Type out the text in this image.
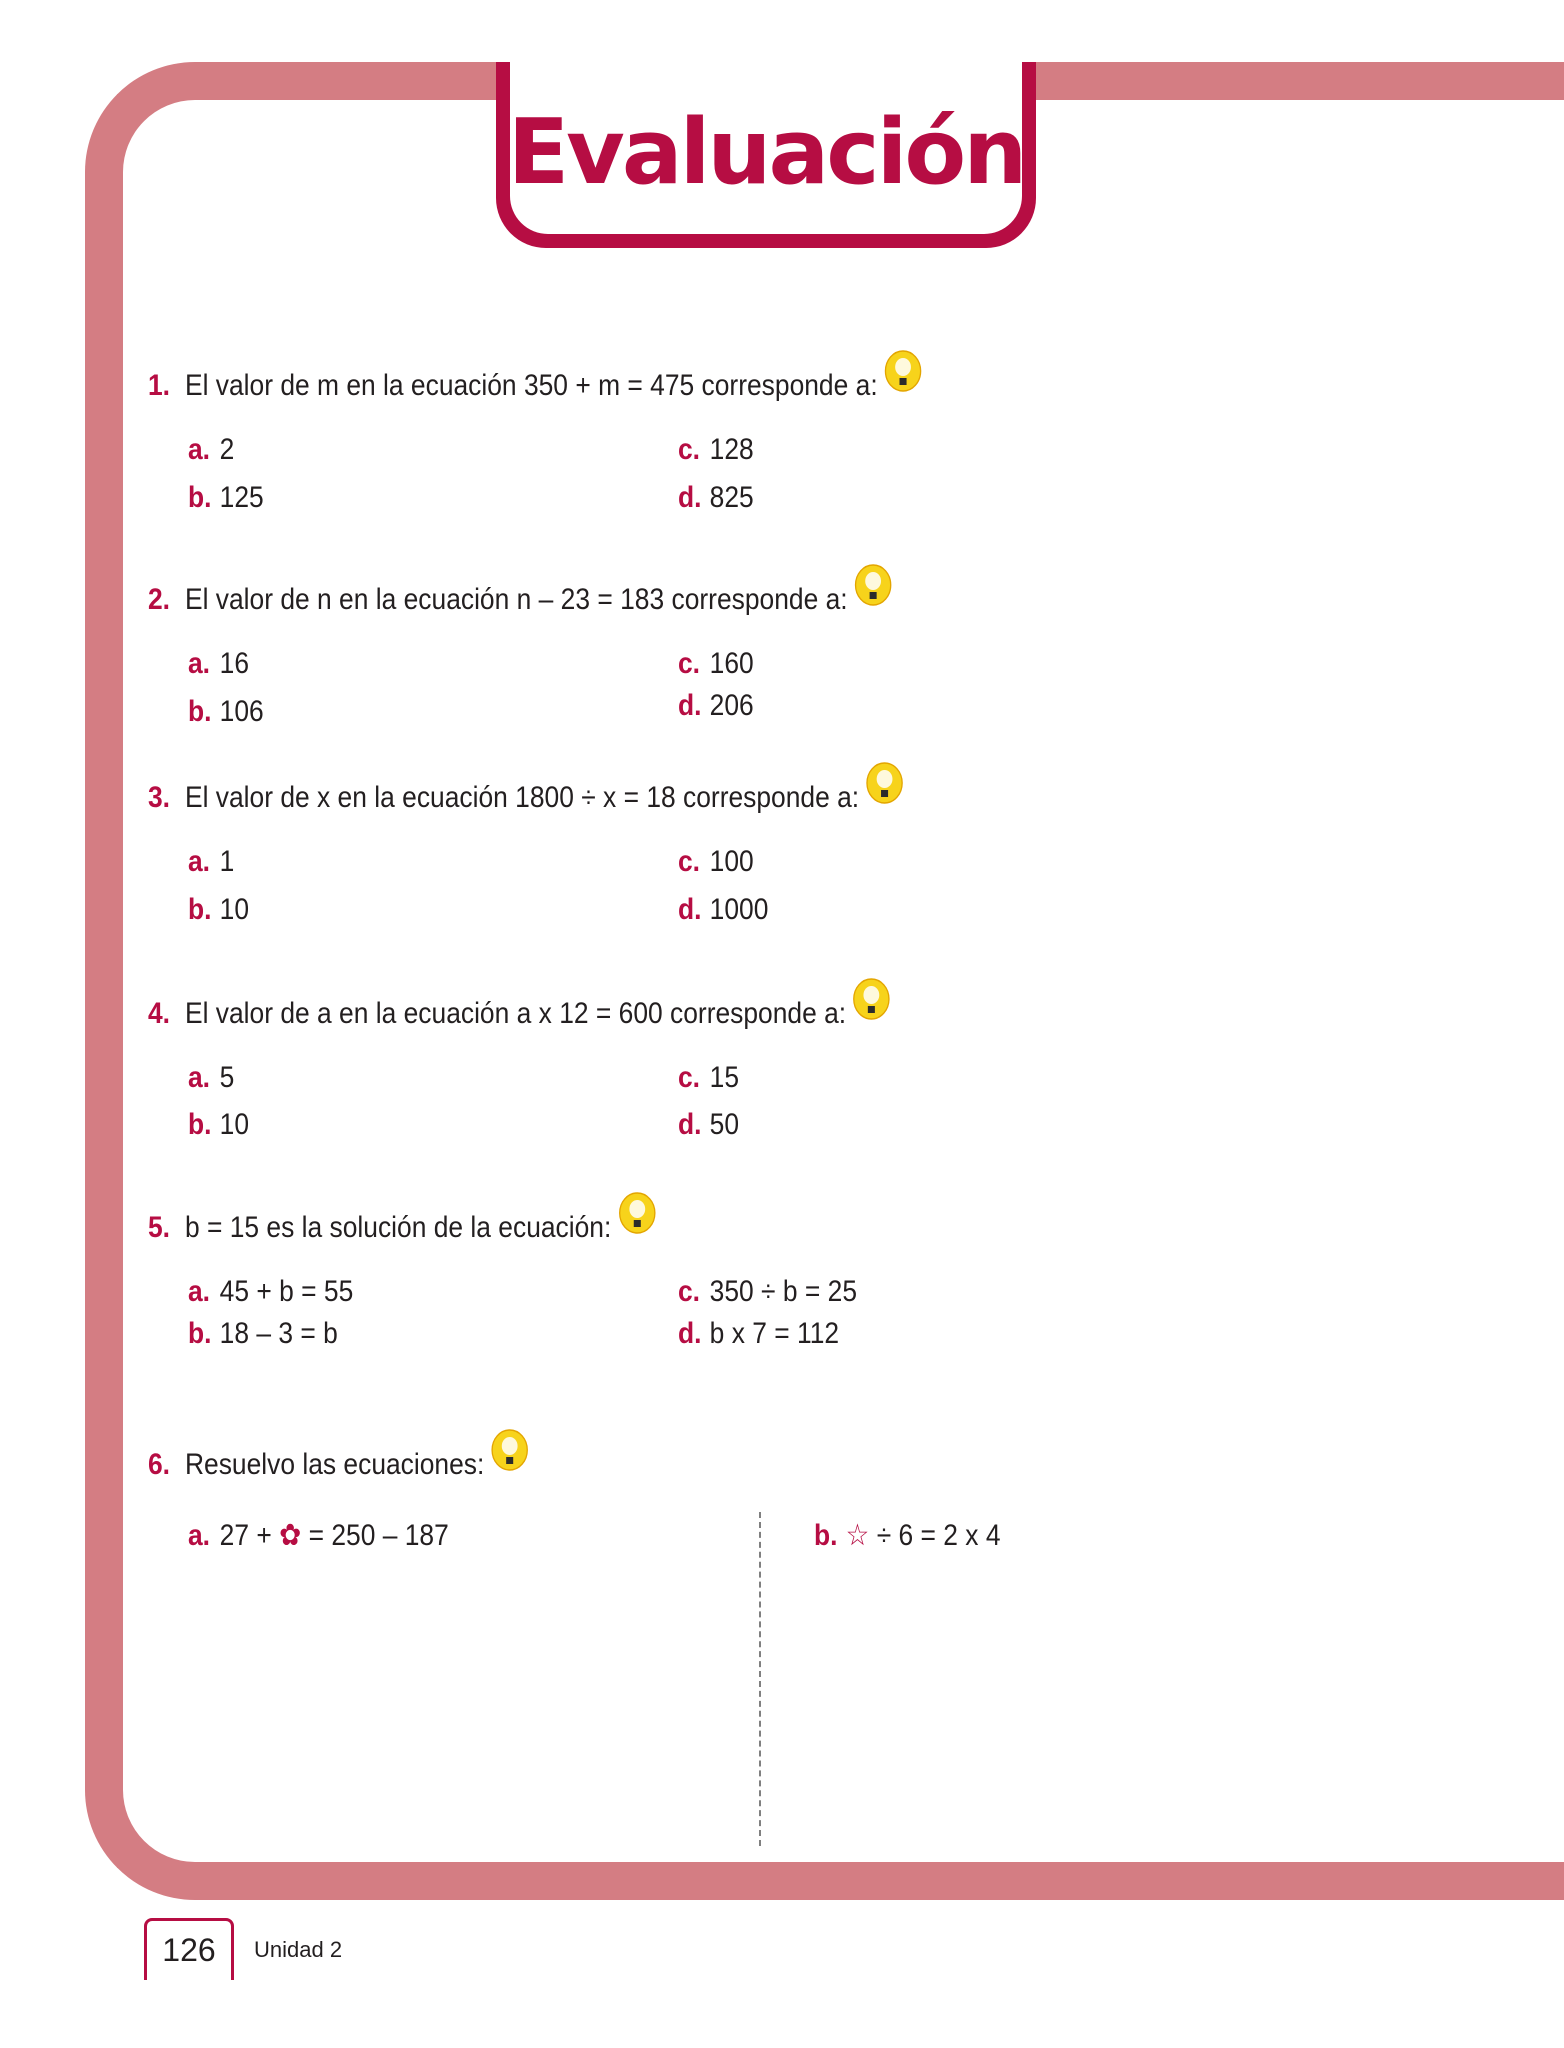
Evaluación
1. El valor de m en la ecuación 350 + m = 475 corresponde a:
a. 2
b. 125
c. 128
d. 825
2. El valor de n en la ecuación n – 23 = 183 corresponde a:
a. 16
b. 106
c. 160
d. 206
3. El valor de x en la ecuación 1800 ÷ x = 18 corresponde a:
a. 1
b. 10
c. 100
d. 1000
4. El valor de a en la ecuación a x 12 = 600 corresponde a:
a. 5
b. 10
c. 15
d. 50
5. b = 15 es la solución de la ecuación:
a. 45 + b = 55
b. 18 – 3 = b
c. 350 ÷ b = 25
d. b x 7 = 112
6. Resuelvo las ecuaciones:
a. 27 + ✿ = 250 – 187	b. ☆ ÷ 6 = 2 x 4
126 Unidad 2
